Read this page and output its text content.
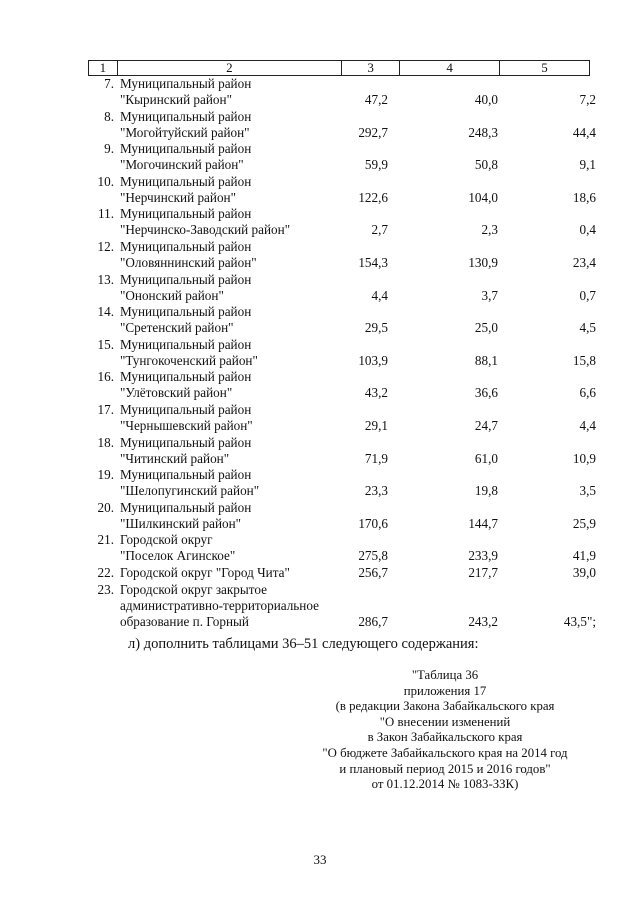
1	2	3	4	5
7. Муниципальный район
"Кыринский район"	47,2	40,0	7,2
8. Муниципальный район
"Могойтуйский район"	292,7	248,3	44,4
9. Муниципальный район
"Могочинский район"	59,9	50,8	9,1
10. Муниципальный район
"Нерчинский район"	122,6	104,0	18,6
11. Муниципальный район
"Нерчинско-Заводский район"	2,7	2,3	0,4
12. Муниципальный район
"Оловяннинский район"	154,3	130,9	23,4
13. Муниципальный район
"Ононский район"	4,4	3,7	0,7
14. Муниципальный район
"Сретенский район"	29,5	25,0	4,5
15. Муниципальный район
"Тунгокоченский район"	103,9	88,1	15,8
16. Муниципальный район
"Улётовский район"	43,2	36,6	6,6
17. Муниципальный район
"Чернышевский район"	29,1	24,7	4,4
18. Муниципальный район
"Читинский район"	71,9	61,0	10,9
19. Муниципальный район
"Шелопугинский район"	23,3	19,8	3,5
20. Муниципальный район
"Шилкинский район"	170,6	144,7	25,9
21. Городской округ
"Поселок Агинское"	275,8	233,9	41,9
22. Городской округ "Город Чита"	256,7	217,7	39,0
23. Городской округ закрытое
административно-территориальное
образование п. Горный	286,7	243,2	43,5";
л) дополнить таблицами 36–51 следующего содержания:
"Таблица 36
приложения 17
(в редакции Закона Забайкальского края
"О внесении изменений
в Закон Забайкальского края
"О бюджете Забайкальского края на 2014 год
и плановый период 2015 и 2016 годов"
от 01.12.2014 № 1083-ЗЗК)
33
